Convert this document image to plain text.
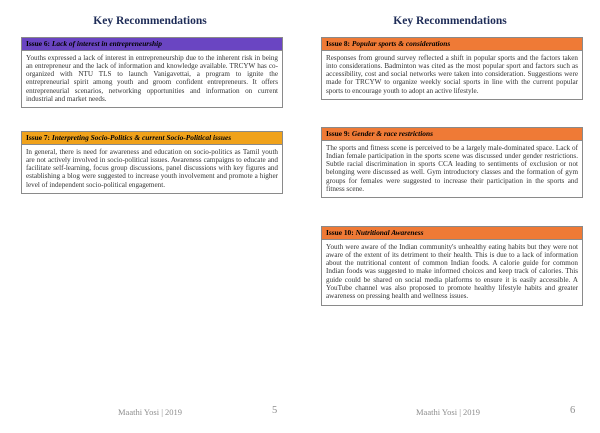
Key Recommendations
Issue 6: Lack of interest in entrepreneurship
Youths expressed a lack of interest in entrepreneurship due to the inherent risk in being an entrepreneur and the lack of information and knowledge available. TRCYW has co-organized with NTU TLS to launch Vanigavettai, a program to ignite the entrepreneurial spirit among youth and groom confident entrepreneurs. It offers entrepreneurial scenarios, networking opportunities and information on current industrial and market needs.
Issue 7: Interpreting Socio-Politics & current Socio-Political issues
In general, there is need for awareness and education on socio-politics as Tamil youth are not actively involved in socio-political issues. Awareness campaigns to educate and facilitate self-learning, focus group discussions, panel discussions with key figures and establishing a blog were suggested to increase youth involvement and promote a higher level of independent socio-political engagement.
Maathi Yosi | 2019	5
Key Recommendations
Issue 8: Popular sports & considerations
Responses from ground survey reflected a shift in popular sports and the factors taken into considerations. Badminton was cited as the most popular sport and factors such as accessibility, cost and social networks were taken into consideration. Suggestions were made for TRCYW to organize weekly social sports in line with the current popular sports to encourage youth to adopt an active lifestyle.
Issue 9: Gender & race restrictions
The sports and fitness scene is perceived to be a largely male-dominated space. Lack of Indian female participation in the sports scene was discussed under gender restrictions. Subtle racial discrimination in sports CCA leading to sentiments of exclusion or not belonging were discussed as well. Gym introductory classes and the formation of gym groups for females were suggested to increase their participation in the sports and fitness scene.
Issue 10: Nutritional Awareness
Youth were aware of the Indian community's unhealthy eating habits but they were not aware of the extent of its detriment to their health. This is due to a lack of information about the nutritional content of common Indian foods. A calorie guide for common Indian foods was suggested to make informed choices and keep track of calories. This guide could be shared on social media platforms to ensure it is easily accessible. A YouTube channel was also proposed to promote healthy lifestyle habits and greater awareness on pressing health and wellness issues.
Maathi Yosi | 2019	6
